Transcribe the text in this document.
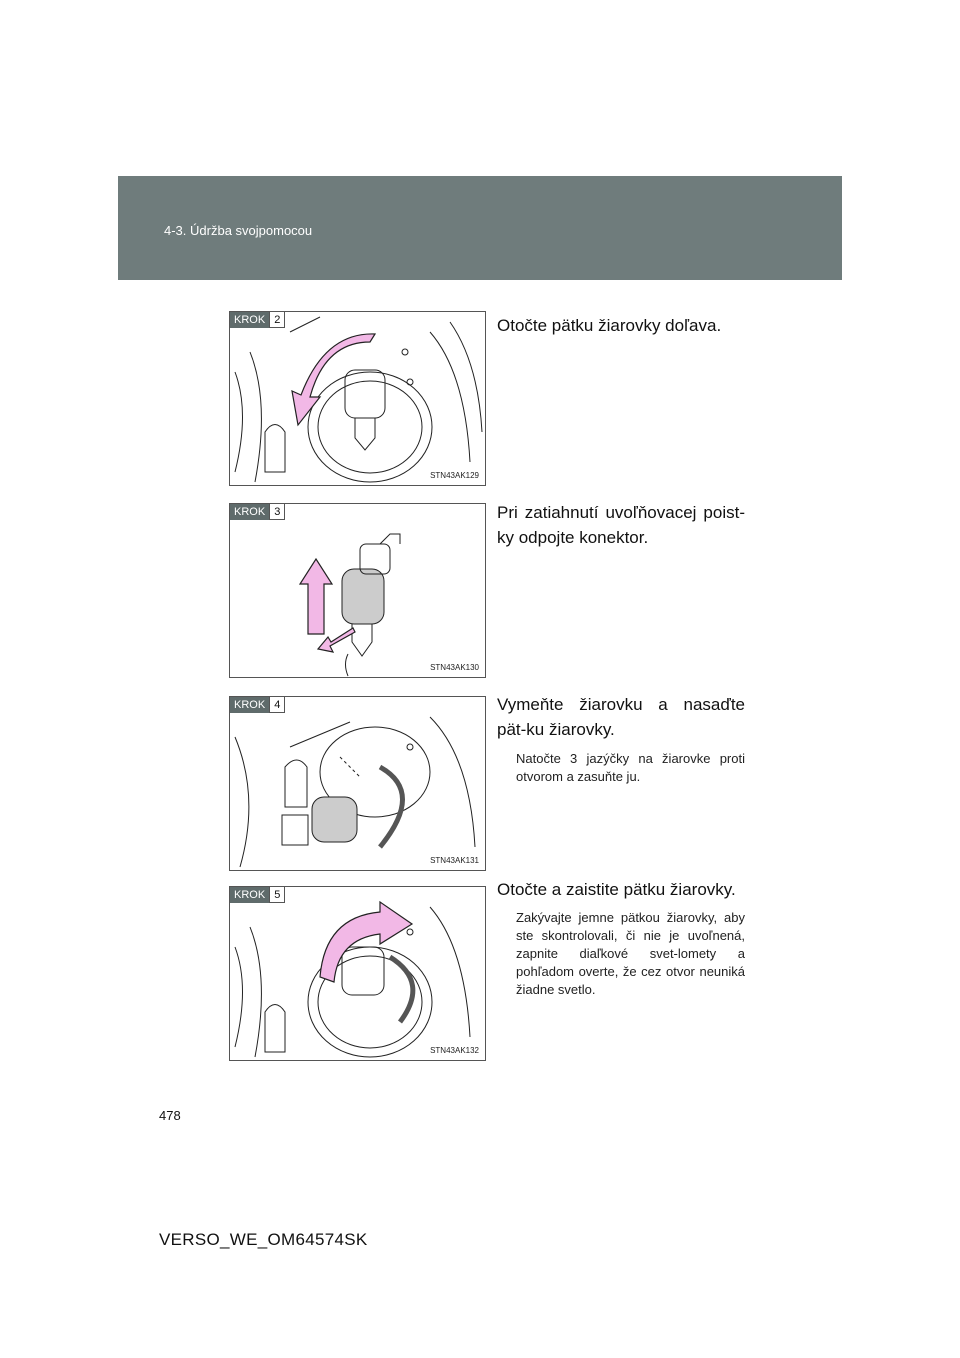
4-3. Údržba svojpomocou
KROK 2
STN43AK129
Otočte pätku žiarovky doľava.
KROK 3
STN43AK130
Pri zatiahnutí uvoľňovacej poist-ky odpojte konektor.
KROK 4
STN43AK131
Vymeňte žiarovku a nasaďte pät-ku žiarovky.
Natočte 3 jazýčky na žiarovke proti otvorom a zasuňte ju.
KROK 5
STN43AK132
Otočte a zaistite pätku žiarovky.
Zakývajte jemne pätkou žiarovky, aby ste skontrolovali, či nie je uvoľnená, zapnite diaľkové svet-lomety a pohľadom overte, že cez otvor neuniká žiadne svetlo.
478
VERSO_WE_OM64574SK
